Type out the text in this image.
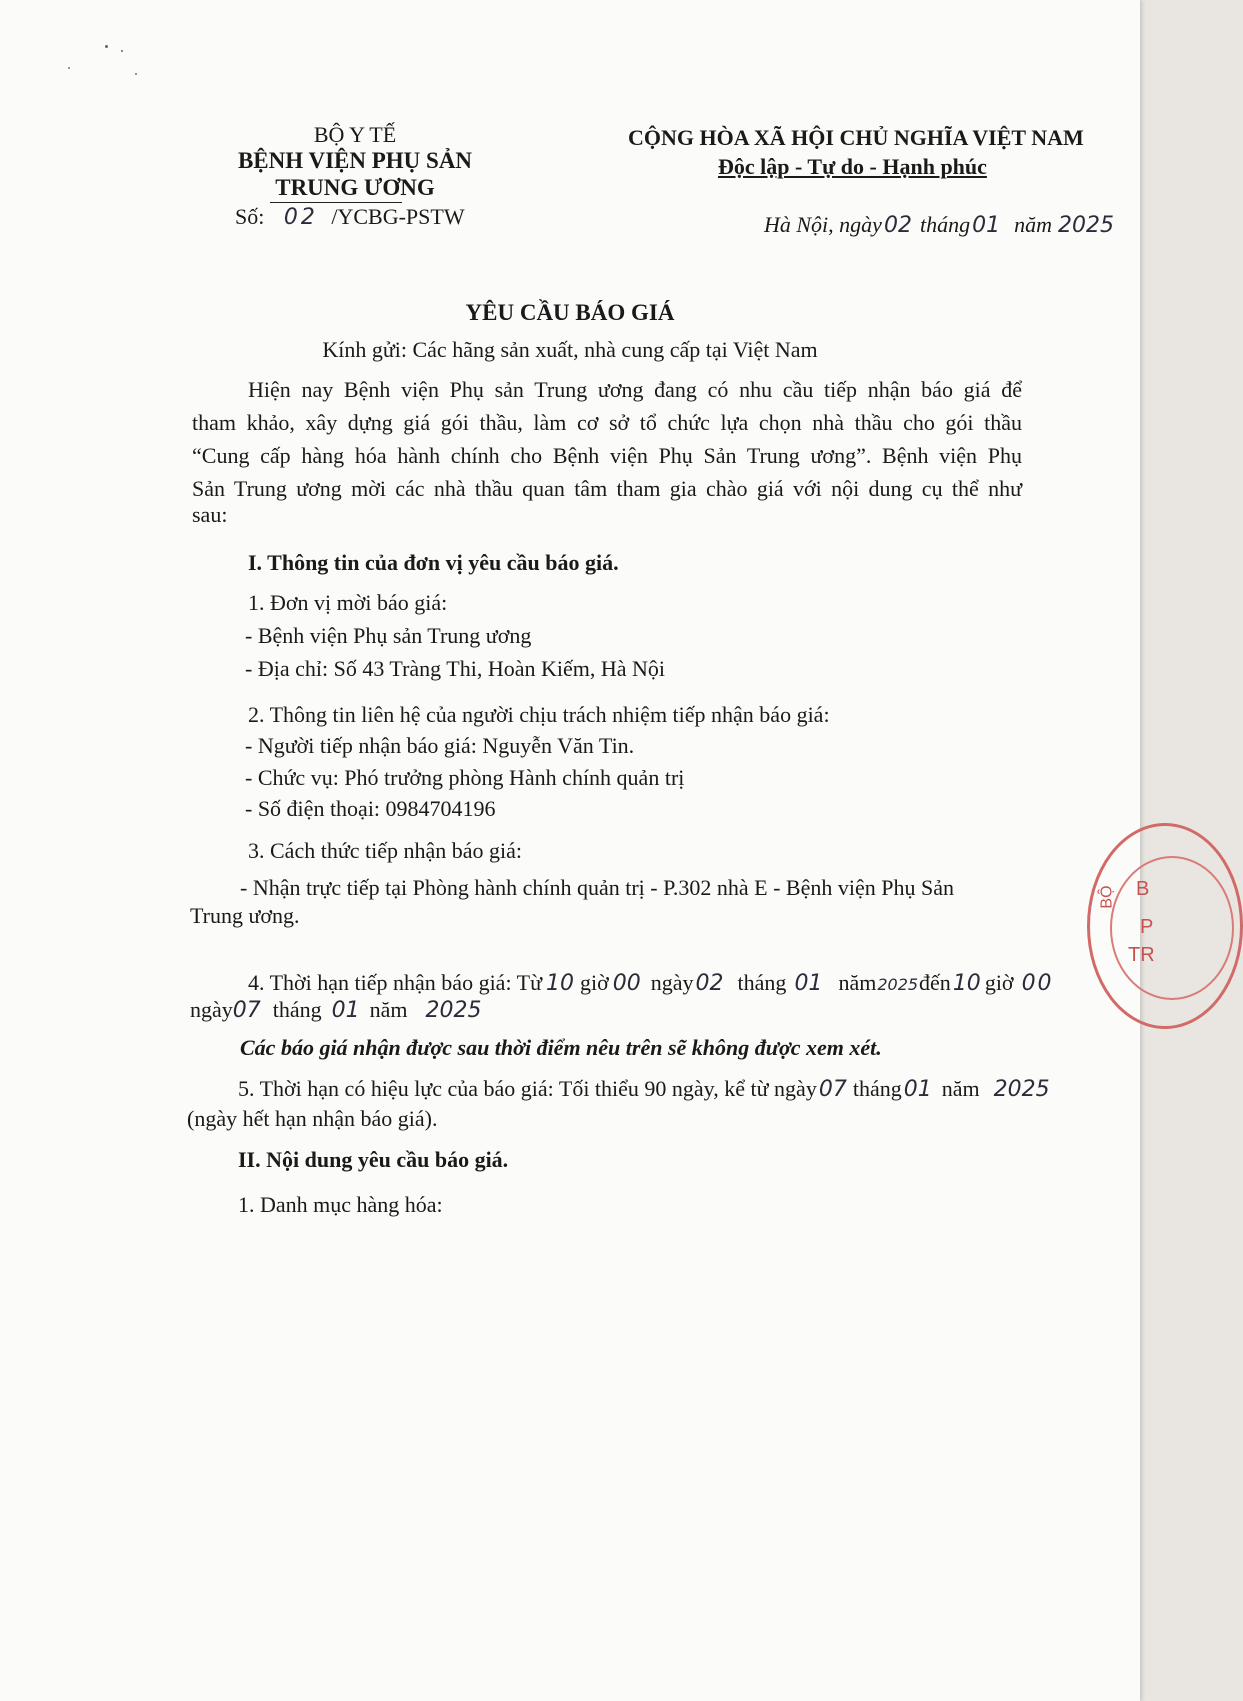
BỘ Y TẾ
BỆNH VIỆN PHỤ SẢN
TRUNG ƯƠNG
Số: 02 /YCBG-PSTW
CỘNG HÒA XÃ HỘI CHỦ NGHĨA VIỆT NAM
Độc lập - Tự do - Hạnh phúc
Hà Nội, ngày02 tháng01 năm 2025
YÊU CẦU BÁO GIÁ
Kính gửi: Các hãng sản xuất, nhà cung cấp tại Việt Nam
Hiện nay Bệnh viện Phụ sản Trung ương đang có nhu cầu tiếp nhận báo giá để
tham khảo, xây dựng giá gói thầu, làm cơ sở tổ chức lựa chọn nhà thầu cho gói thầu
“Cung cấp hàng hóa hành chính cho Bệnh viện Phụ Sản Trung ương”. Bệnh viện Phụ
Sản Trung ương mời các nhà thầu quan tâm tham gia chào giá với nội dung cụ thể như
sau:
I. Thông tin của đơn vị yêu cầu báo giá.
1. Đơn vị mời báo giá:
- Bệnh viện Phụ sản Trung ương
- Địa chỉ: Số 43 Tràng Thi, Hoàn Kiếm, Hà Nội
2. Thông tin liên hệ của người chịu trách nhiệm tiếp nhận báo giá:
- Người tiếp nhận báo giá: Nguyễn Văn Tin.
- Chức vụ: Phó trưởng phòng Hành chính quản trị
- Số điện thoại: 0984704196
3. Cách thức tiếp nhận báo giá:
- Nhận trực tiếp tại Phòng hành chính quản trị - P.302 nhà E - Bệnh viện Phụ Sản
Trung ương.
4. Thời hạn tiếp nhận báo giá: Từ 10 giờ 00 ngày02 tháng 01 năm2025đến10 giờ 00
ngày07 tháng 01 năm 2025
Các báo giá nhận được sau thời điểm nêu trên sẽ không được xem xét.
5. Thời hạn có hiệu lực của báo giá: Tối thiểu 90 ngày, kể từ ngày07 tháng01 năm 2025
(ngày hết hạn nhận báo giá).
II. Nội dung yêu cầu báo giá.
1. Danh mục hàng hóa:
BỘ B
P
TR
